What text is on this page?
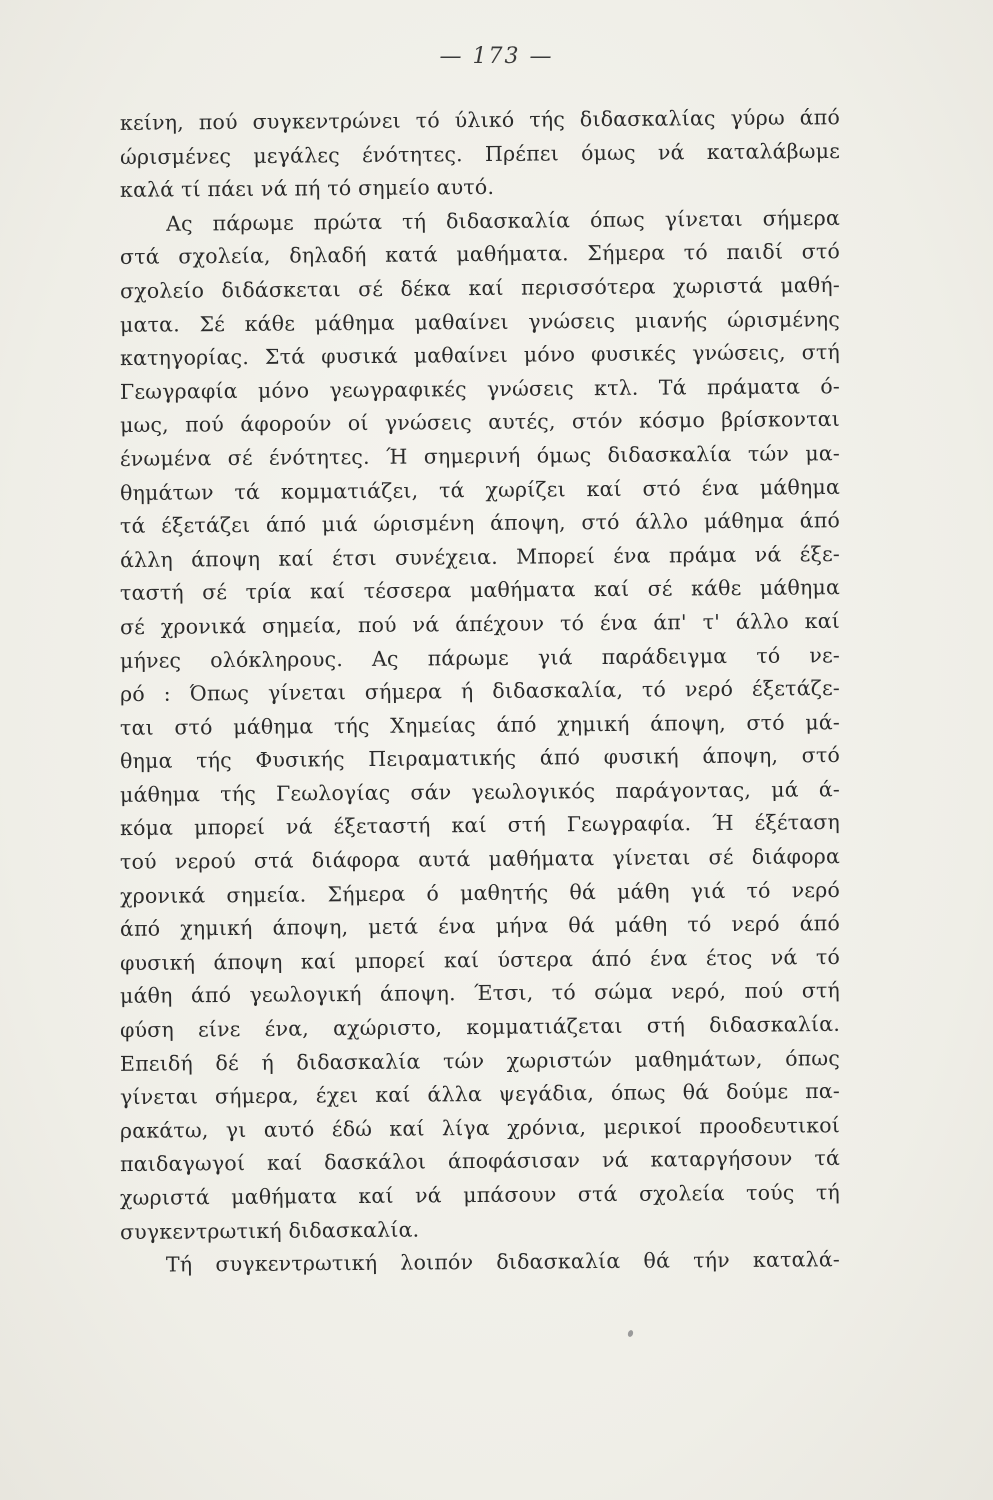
— 173 —
κείνη, πού συγκεντρώνει τό ύλικό τής διδασκαλίας γύρω άπό
ώρισμένες μεγάλες ένότητες. Πρέπει όμως νά καταλάβωμε
καλά τί πάει νά πή τό σημείο αυτό.
Ας πάρωμε πρώτα τή διδασκαλία όπως γίνεται σήμερα
στά σχολεία, δηλαδή κατά μαθήματα. Σήμερα τό παιδί στό
σχολείο διδάσκεται σέ δέκα καί περισσότερα χωριστά μαθή-
ματα. Σέ κάθε μάθημα μαθαίνει γνώσεις μιανής ώρισμένης
κατηγορίας. Στά φυσικά μαθαίνει μόνο φυσικές γνώσεις, στή
Γεωγραφία μόνο γεωγραφικές γνώσεις κτλ. Τά πράματα ό-
μως, πού άφορούν οί γνώσεις αυτές, στόν κόσμο βρίσκονται
ένωμένα σέ ένότητες. Ή σημερινή όμως διδασκαλία τών μα-
θημάτων τά κομματιάζει, τά χωρίζει καί στό ένα μάθημα
τά έξετάζει άπό μιά ώρισμένη άποψη, στό άλλο μάθημα άπό
άλλη άποψη καί έτσι συνέχεια. Μπορεί ένα πράμα νά έξε-
ταστή σέ τρία καί τέσσερα μαθήματα καί σέ κάθε μάθημα
σέ χρονικά σημεία, πού νά άπέχουν τό ένα άπ' τ' άλλο καί
μήνες ολόκληρους. Ας πάρωμε γιά παράδειγμα τό νε-
ρό : Όπως γίνεται σήμερα ή διδασκαλία, τό νερό έξετάζε-
ται στό μάθημα τής Χημείας άπό χημική άποψη, στό μά-
θημα τής Φυσικής Πειραματικής άπό φυσική άποψη, στό
μάθημα τής Γεωλογίας σάν γεωλογικός παράγοντας, μά ά-
κόμα μπορεί νά έξεταστή καί στή Γεωγραφία. Ή έξέταση
τού νερού στά διάφορα αυτά μαθήματα γίνεται σέ διάφορα
χρονικά σημεία. Σήμερα ό μαθητής θά μάθη γιά τό νερό
άπό χημική άποψη, μετά ένα μήνα θά μάθη τό νερό άπό
φυσική άποψη καί μπορεί καί ύστερα άπό ένα έτος νά τό
μάθη άπό γεωλογική άποψη. Έτσι, τό σώμα νερό, πού στή
φύση είνε ένα, αχώριστο, κομματιάζεται στή διδασκαλία.
Επειδή δέ ή διδασκαλία τών χωριστών μαθημάτων, όπως
γίνεται σήμερα, έχει καί άλλα ψεγάδια, όπως θά δούμε πα-
ρακάτω, γι αυτό έδώ καί λίγα χρόνια, μερικοί προοδευτικοί
παιδαγωγοί καί δασκάλοι άποφάσισαν νά καταργήσουν τά
χωριστά μαθήματα καί νά μπάσουν στά σχολεία τούς τή
συγκεντρωτική διδασκαλία.
Τή συγκεντρωτική λοιπόν διδασκαλία θά τήν καταλά-
